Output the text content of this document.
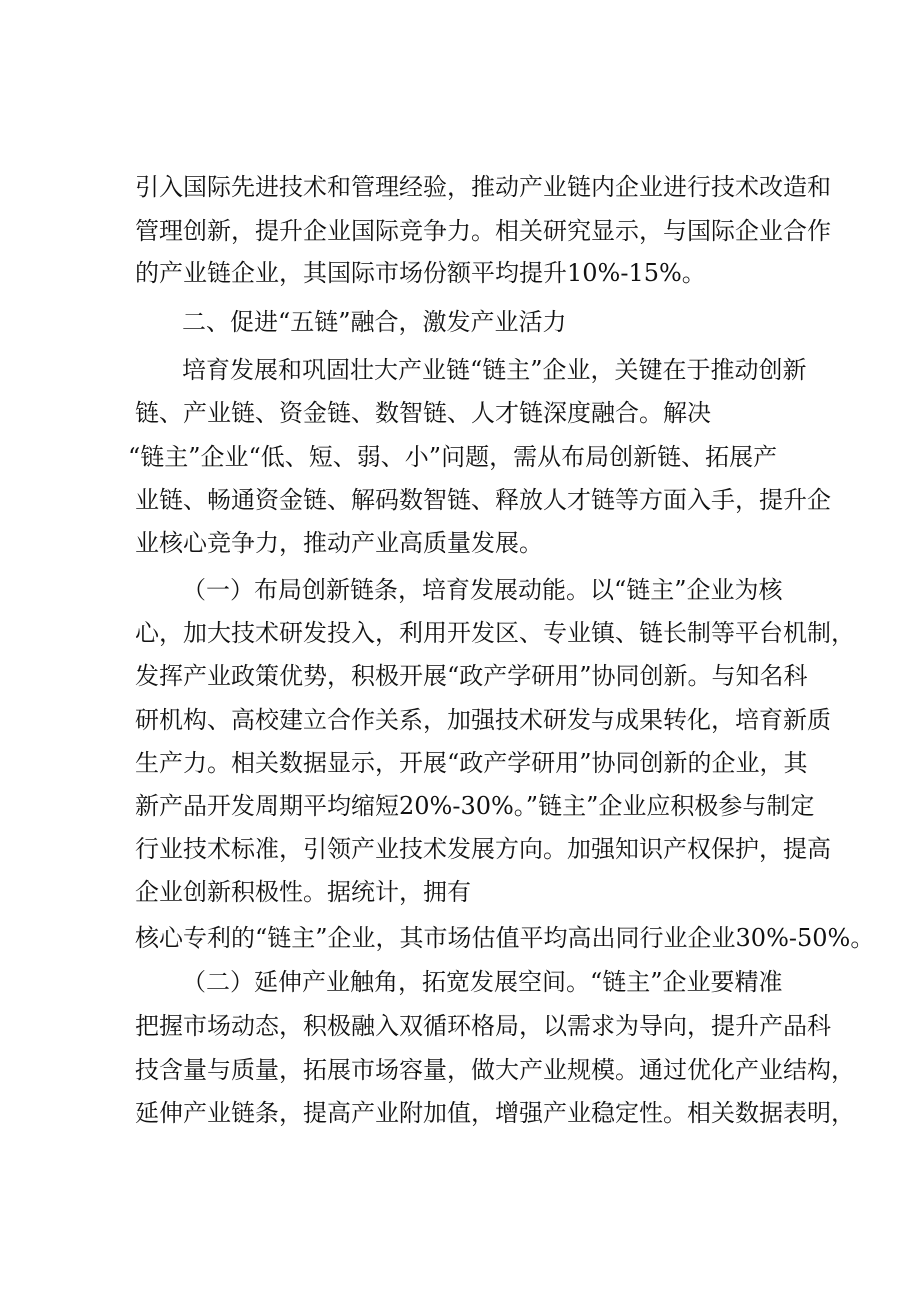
引入国际先进技术和管理经验，推动产业链内企业进行技术改造和
管理创新，提升企业国际竞争力。相关研究显示，与国际企业合作
的产业链企业，其国际市场份额平均提升10%-15%。
二、促进“五链”融合，激发产业活力
培育发展和巩固壮大产业链“链主”企业，关键在于推动创新
链、产业链、资金链、数智链、人才链深度融合。解决
“链主”企业“低、短、弱、小”问题，需从布局创新链、拓展产
业链、畅通资金链、解码数智链、释放人才链等方面入手，提升企
业核心竞争力，推动产业高质量发展。
（一）布局创新链条，培育发展动能。以“链主”企业为核
心，加大技术研发投入，利用开发区、专业镇、链长制等平台机制，
发挥产业政策优势，积极开展“政产学研用”协同创新。与知名科
研机构、高校建立合作关系，加强技术研发与成果转化，培育新质
生产力。相关数据显示，开展“政产学研用”协同创新的企业，其
新产品开发周期平均缩短20%-30%。”链主”企业应积极参与制定
行业技术标准，引领产业技术发展方向。加强知识产权保护，提高
企业创新积极性。据统计，拥有
核心专利的“链主”企业，其市场估值平均高出同行业企业30%-50%。
（二）延伸产业触角，拓宽发展空间。“链主”企业要精准
把握市场动态，积极融入双循环格局，以需求为导向，提升产品科
技含量与质量，拓展市场容量，做大产业规模。通过优化产业结构，
延伸产业链条，提高产业附加值，增强产业稳定性。相关数据表明，
